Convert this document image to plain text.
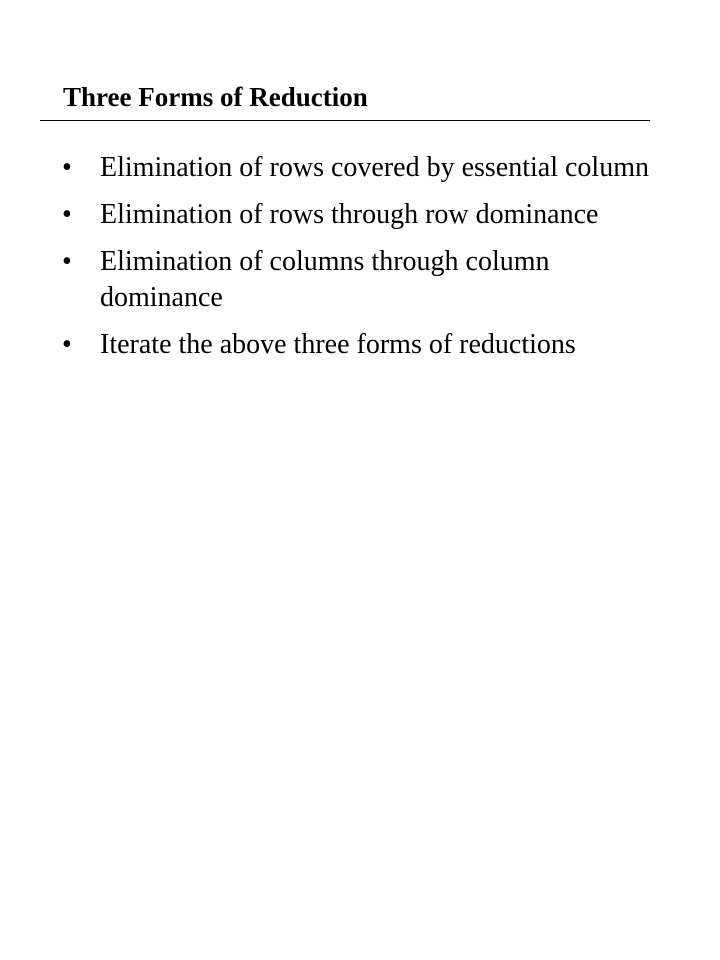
Three Forms of Reduction
•	Elimination of rows covered by essential column
•	Elimination of rows through row dominance
•	Elimination of columns through column dominance
•	Iterate the above three forms of reductions
